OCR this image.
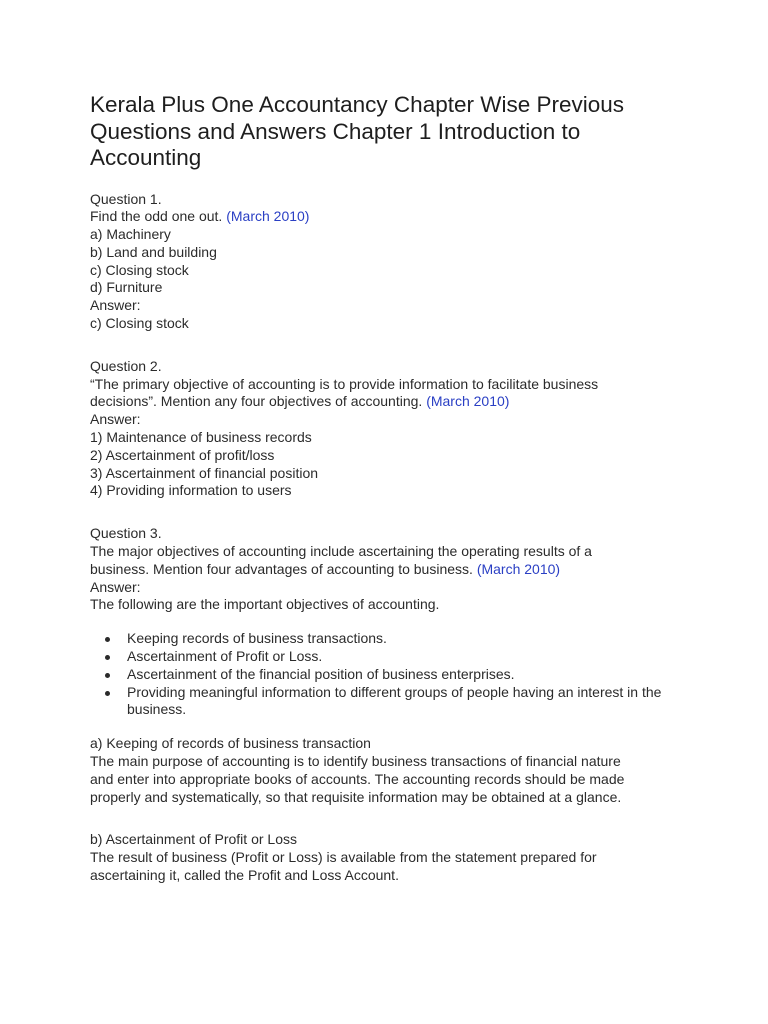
Kerala Plus One Accountancy Chapter Wise Previous Questions and Answers Chapter 1 Introduction to Accounting
Question 1.
Find the odd one out. (March 2010)
a) Machinery
b) Land and building
c) Closing stock
d) Furniture
Answer:
c) Closing stock
Question 2.
“The primary objective of accounting is to provide information to facilitate business
decisions”. Mention any four objectives of accounting. (March 2010)
Answer:
1) Maintenance of business records
2) Ascertainment of profit/loss
3) Ascertainment of financial position
4) Providing information to users
Question 3.
The major objectives of accounting include ascertaining the operating results of a
business. Mention four advantages of accounting to business. (March 2010)
Answer:
The following are the important objectives of accounting.
Keeping records of business transactions.
Ascertainment of Profit or Loss.
Ascertainment of the financial position of business enterprises.
Providing meaningful information to different groups of people having an interest in the business.
a) Keeping of records of business transaction
The main purpose of accounting is to identify business transactions of financial nature
and enter into appropriate books of accounts. The accounting records should be made
properly and systematically, so that requisite information may be obtained at a glance.
b) Ascertainment of Profit or Loss
The result of business (Profit or Loss) is available from the statement prepared for
ascertaining it, called the Profit and Loss Account.
